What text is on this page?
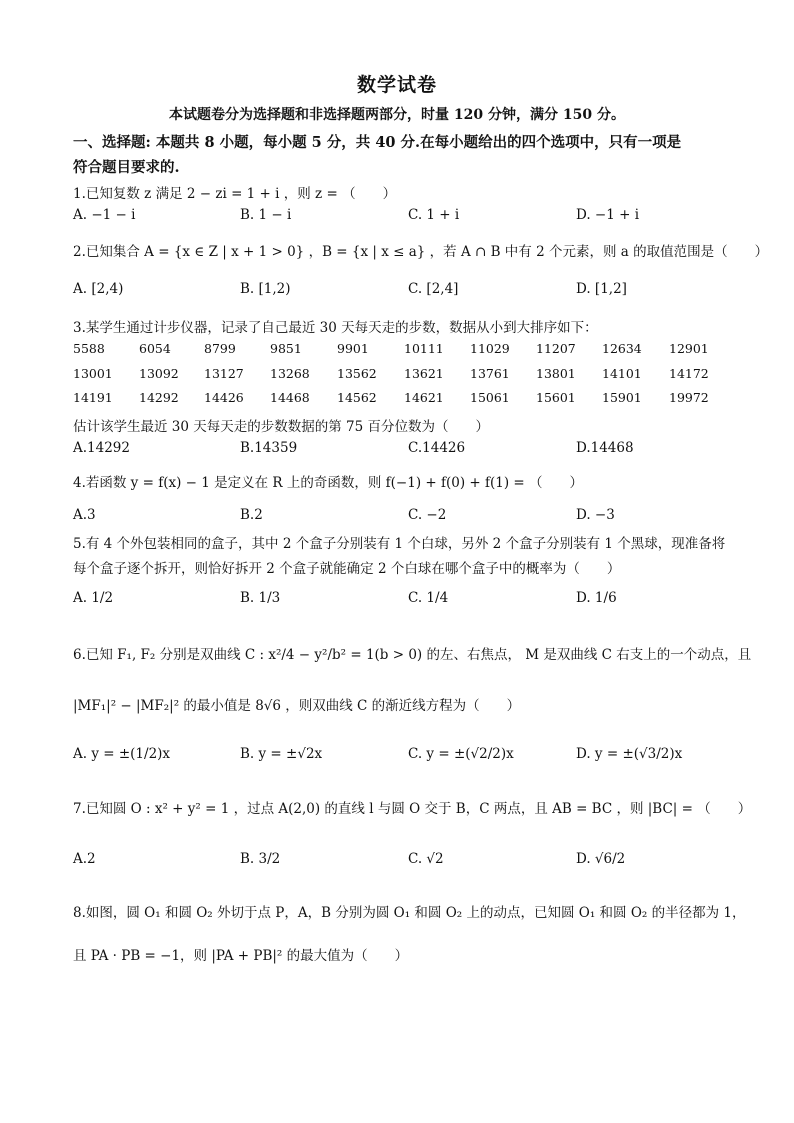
数学试卷
本试题卷分为选择题和非选择题两部分，时量 120 分钟，满分 150 分。
一、选择题: 本题共 8 小题，每小题 5 分，共 40 分.在每小题给出的四个选项中，只有一项是
符合题目要求的.
1.已知复数 z 满足 2 − zi = 1 + i ，则 z = （　　）
A. −1 − i	B. 1 − i	C. 1 + i	D. −1 + i
2.已知集合 A = {x ∈ Z | x + 1 > 0} ，B = {x | x ≤ a} ，若 A ∩ B 中有 2 个元素，则 a 的取值范围是（　　）
A. [2,4)	B. [1,2)	C. [2,4]	D. [1,2]
3.某学生通过计步仪器，记录了自己最近 30 天每天走的步数，数据从小到大排序如下：
5588	6054	8799	9851	9901	10111 11029 11207 12634 12901
13001 13092 13127 13268 13562 13621 13761 13801 14101 14172
14191 14292 14426 14468 14562 14621 15061 15601 15901 19972
估计该学生最近 30 天每天走的步数数据的第 75 百分位数为（　　）
A.14292	B.14359	C.14426	D.14468
4.若函数 y = f(x) − 1 是定义在 R 上的奇函数，则 f(−1) + f(0) + f(1) = （　　）
A.3	B.2	C. −2	D. −3
5.有 4 个外包装相同的盒子，其中 2 个盒子分别装有 1 个白球，另外 2 个盒子分别装有 1 个黑球，现准备将
每个盒子逐个拆开，则恰好拆开 2 个盒子就能确定 2 个白球在哪个盒子中的概率为（　　）
A. 1/2	B. 1/3	C. 1/4	D. 1/6
6.已知 F₁, F₂ 分别是双曲线 C : x²/4 − y²/b² = 1(b > 0) 的左、右焦点， M 是双曲线 C 右支上的一个动点，且
|MF₁|² − |MF₂|² 的最小值是 8√6 ，则双曲线 C 的渐近线方程为（　　）
A. y = ±(1/2)x	B. y = ±√2x	C. y = ±(√2/2)x	D. y = ±(√3/2)x
7.已知圆 O : x² + y² = 1 ，过点 A(2,0) 的直线 l 与圆 O 交于 B，C 两点，且 AB = BC ，则 |BC| = （　　）
A.2	B. 3/2	C. √2	D. √6/2
8.如图，圆 O₁ 和圆 O₂ 外切于点 P，A，B 分别为圆 O₁ 和圆 O₂ 上的动点，已知圆 O₁ 和圆 O₂ 的半径都为 1，
且 PA · PB = −1，则 |PA + PB|² 的最大值为（　　）
